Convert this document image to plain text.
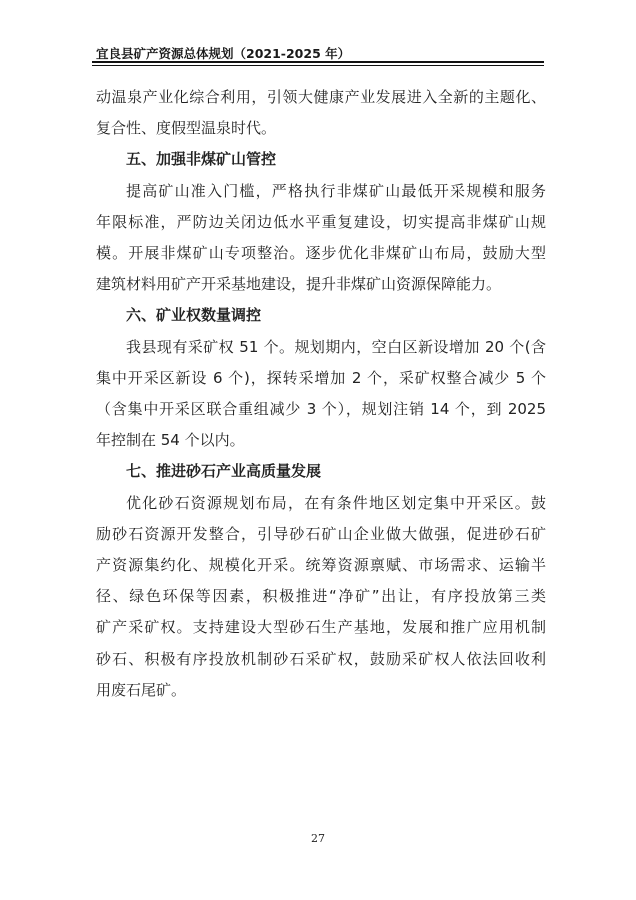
宜良县矿产资源总体规划（2021-2025 年）

动温泉产业化综合利用，引领大健康产业发展进入全新的主题化、

复合性、度假型温泉时代。

五、加强非煤矿山管控

提高矿山准入门槛，严格执行非煤矿山最低开采规模和服务

年限标准，严防边关闭边低水平重复建设，切实提高非煤矿山规

模。开展非煤矿山专项整治。逐步优化非煤矿山布局，鼓励大型

建筑材料用矿产开采基地建设，提升非煤矿山资源保障能力。

六、矿业权数量调控

我县现有采矿权 51 个。规划期内，空白区新设增加 20 个(含

集中开采区新设 6 个)，探转采增加 2 个，采矿权整合减少 5 个

（含集中开采区联合重组减少 3 个），规划注销 14 个，到 2025

年控制在 54 个以内。

七、推进砂石产业高质量发展

优化砂石资源规划布局，在有条件地区划定集中开采区。鼓

励砂石资源开发整合，引导砂石矿山企业做大做强，促进砂石矿

产资源集约化、规模化开采。统筹资源禀赋、市场需求、运输半

径、绿色环保等因素，积极推进“净矿”出让，有序投放第三类

矿产采矿权。支持建设大型砂石生产基地，发展和推广应用机制

砂石、积极有序投放机制砂石采矿权，鼓励采矿权人依法回收利

用废石尾矿。

27
